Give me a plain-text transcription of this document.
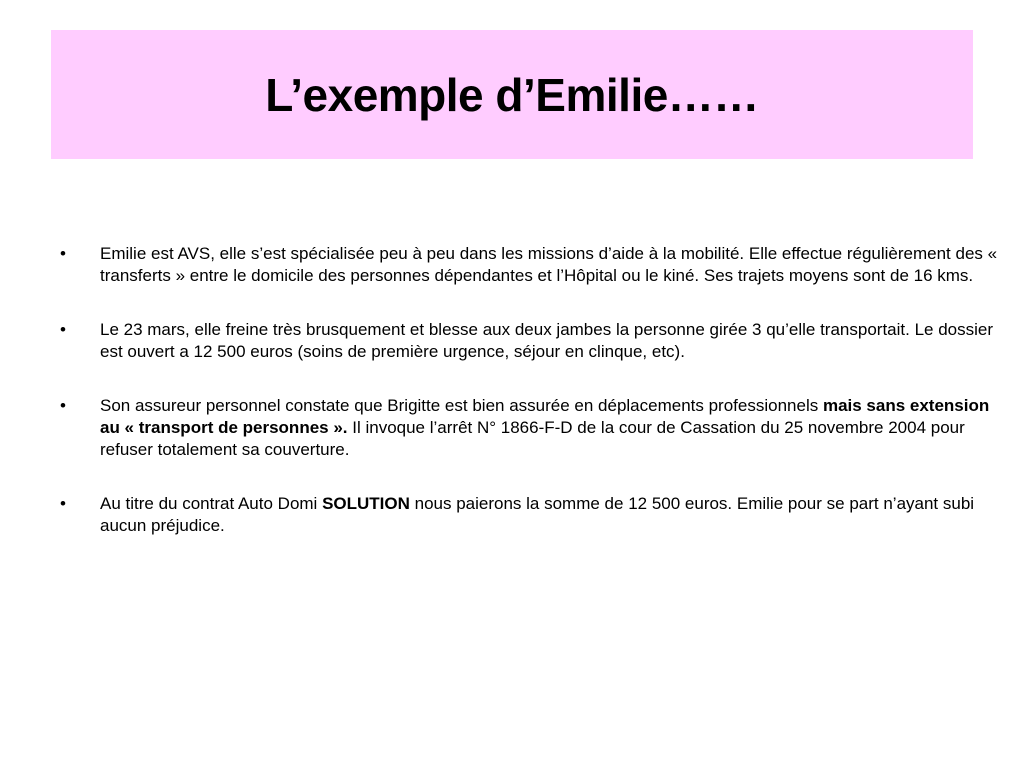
L’exemple d’Emilie……
•	Emilie est AVS, elle s’est spécialisée peu à peu dans les missions d’aide à la mobilité. Elle effectue régulièrement des « transferts » entre le domicile des personnes dépendantes et l’Hôpital ou le kiné. Ses trajets moyens sont de 16 kms.
•	Le 23 mars, elle freine très brusquement et blesse aux deux jambes la personne girée 3 qu’elle transportait. Le dossier est ouvert a 12 500 euros (soins de première urgence, séjour en clinque, etc).
•	Son assureur personnel constate que Brigitte est bien assurée en déplacements professionnels mais sans extension au « transport de personnes ». Il invoque l’arrêt N° 1866-F-D de la cour de Cassation du 25 novembre 2004 pour refuser totalement sa couverture.
•	Au titre du contrat Auto Domi SOLUTION nous paierons la somme de 12 500 euros. Emilie pour se part n’ayant subi aucun préjudice.
